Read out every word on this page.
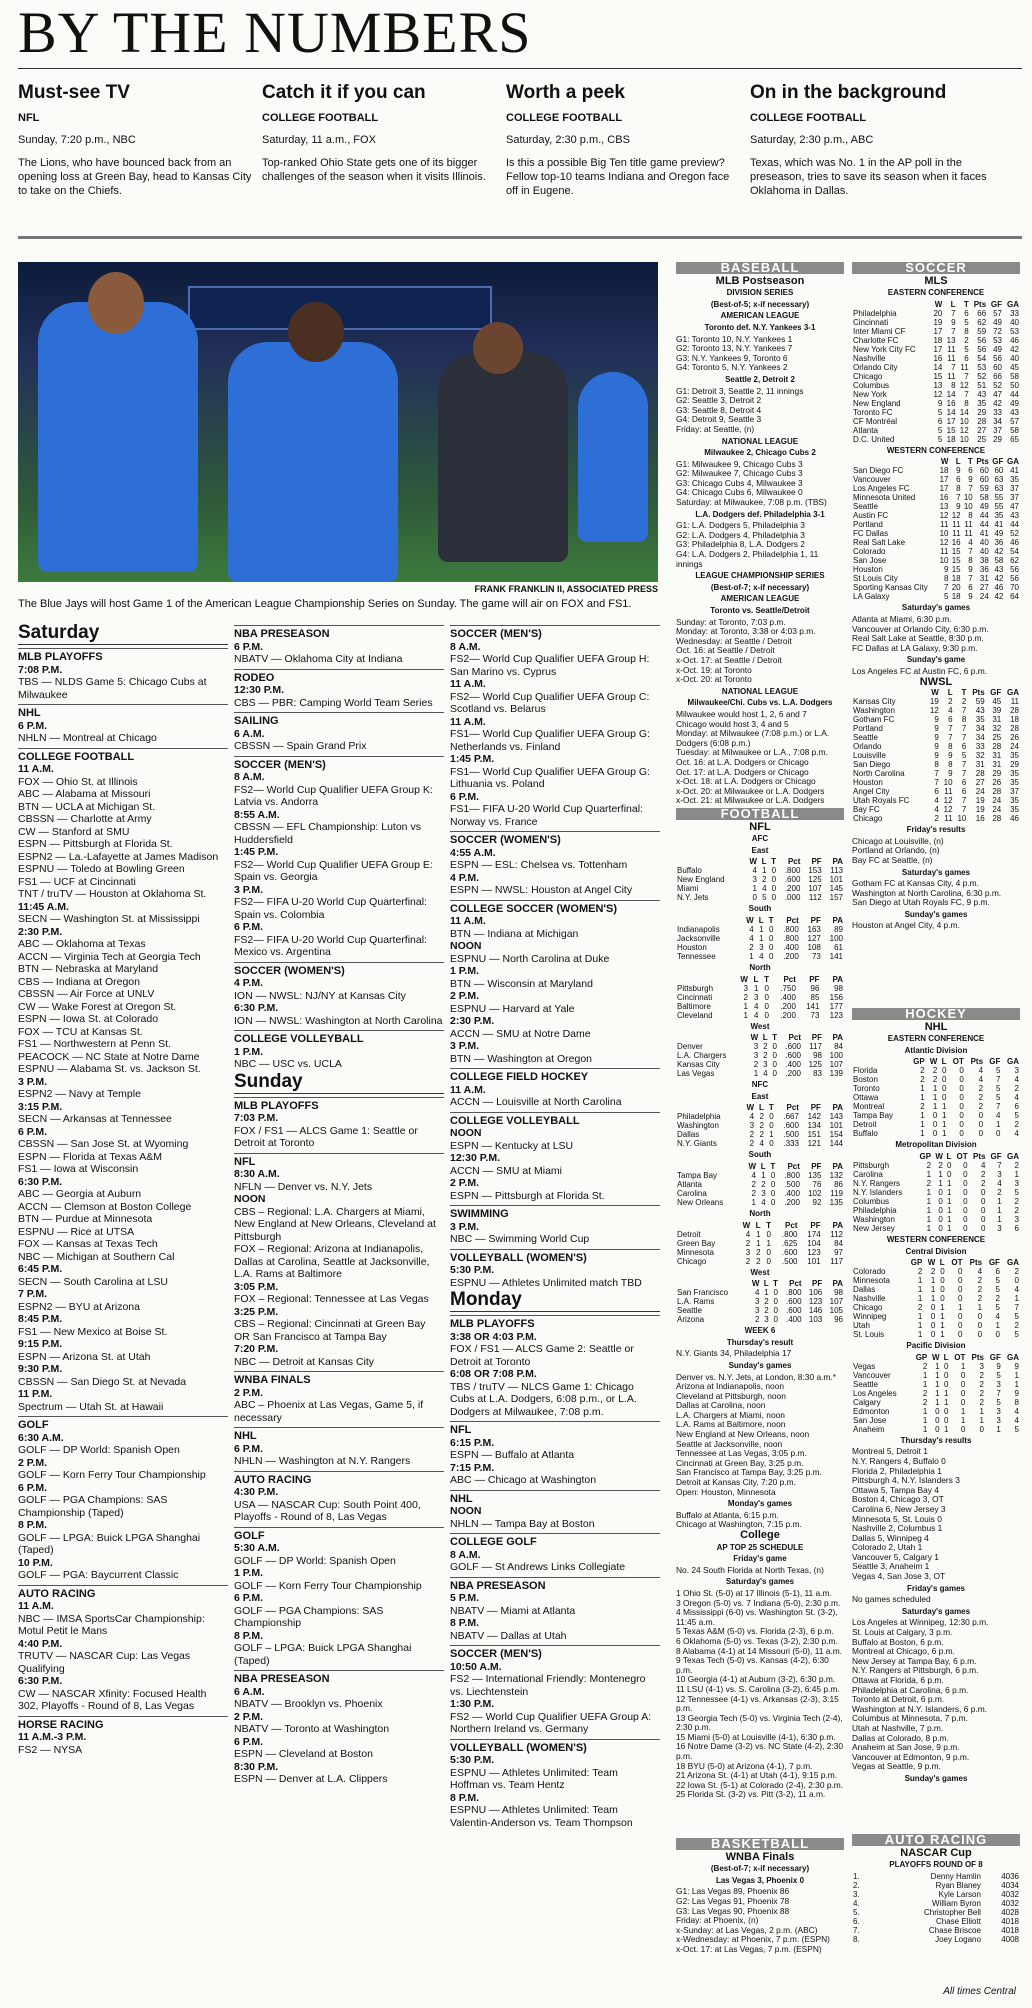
BY THE NUMBERS
Must-see TV
NFL
Sunday, 7:20 p.m., NBC
The Lions, who have bounced back from an opening loss at Green Bay, head to Kansas City to take on the Chiefs.
Catch it if you can
COLLEGE FOOTBALL
Saturday, 11 a.m., FOX
Top-ranked Ohio State gets one of its bigger challenges of the season when it visits Illinois.
Worth a peek
COLLEGE FOOTBALL
Saturday, 2:30 p.m., CBS
Is this a possible Big Ten title game preview? Fellow top-10 teams Indiana and Oregon face off in Eugene.
On in the background
COLLEGE FOOTBALL
Saturday, 2:30 p.m., ABC
Texas, which was No. 1 in the AP poll in the preseason, tries to save its season when it faces Oklahoma in Dallas.
FRANK FRANKLIN II, ASSOCIATED PRESS
The Blue Jays will host Game 1 of the American League Championship Series on Sunday. The game will air on FOX and FS1.
Saturday
MLB PLAYOFFS
7:08 P.M.
TBS — NLDS Game 5: Chicago Cubs at Milwaukee
NHL
6 P.M.
NHLN — Montreal at Chicago
COLLEGE FOOTBALL
11 A.M.
FOX — Ohio St. at Illinois
ABC — Alabama at Missouri
BTN — UCLA at Michigan St.
CBSSN — Charlotte at Army
CW — Stanford at SMU
ESPN — Pittsburgh at Florida St.
ESPN2 — La.-Lafayette at James Madison
ESPNU — Toledo at Bowling Green
FS1 — UCF at Cincinnati
TNT / truTV — Houston at Oklahoma St.
11:45 A.M.
SECN — Washington St. at Mississippi
2:30 P.M.
ABC — Oklahoma at Texas
ACCN — Virginia Tech at Georgia Tech
BTN — Nebraska at Maryland
CBS — Indiana at Oregon
CBSSN — Air Force at UNLV
CW — Wake Forest at Oregon St.
ESPN — Iowa St. at Colorado
FOX — TCU at Kansas St.
FS1 — Northwestern at Penn St.
PEACOCK — NC State at Notre Dame
ESPNU — Alabama St. vs. Jackson St.
3 P.M.
ESPN2 — Navy at Temple
3:15 P.M.
SECN — Arkansas at Tennessee
6 P.M.
CBSSN — San Jose St. at Wyoming
ESPN — Florida at Texas A&M
FS1 — Iowa at Wisconsin
6:30 P.M.
ABC — Georgia at Auburn
ACCN — Clemson at Boston College
BTN — Purdue at Minnesota
ESPNU — Rice at UTSA
FOX — Kansas at Texas Tech
NBC — Michigan at Southern Cal
6:45 P.M.
SECN — South Carolina at LSU
7 P.M.
ESPN2 — BYU at Arizona
8:45 P.M.
FS1 — New Mexico at Boise St.
9:15 P.M.
ESPN — Arizona St. at Utah
9:30 P.M.
CBSSN — San Diego St. at Nevada
11 P.M.
Spectrum — Utah St. at Hawaii
GOLF
6:30 A.M.
GOLF — DP World: Spanish Open
2 P.M.
GOLF — Korn Ferry Tour Championship
6 P.M.
GOLF — PGA Champions: SAS Championship (Taped)
8 P.M.
GOLF — LPGA: Buick LPGA Shanghai (Taped)
10 P.M.
GOLF — PGA: Baycurrent Classic
AUTO RACING
11 A.M.
NBC — IMSA SportsCar Championship: Motul Petit le Mans
4:40 P.M.
TRUTV — NASCAR Cup: Las Vegas Qualifying
6:30 P.M.
CW — NASCAR Xfinity: Focused Health 302, Playoffs - Round of 8, Las Vegas
HORSE RACING
11 A.M.-3 P.M.
FS2 — NYSA
NBA PRESEASON
6 P.M.
NBATV — Oklahoma City at Indiana
RODEO
12:30 P.M.
CBS — PBR: Camping World Team Series
SAILING
6 A.M.
CBSSN — Spain Grand Prix
SOCCER (MEN'S)
8 A.M.
FS2— World Cup Qualifier UEFA Group K: Latvia vs. Andorra
8:55 A.M.
CBSSN — EFL Championship: Luton vs Huddersfield
1:45 P.M.
FS2— World Cup Qualifier UEFA Group E: Spain vs. Georgia
3 P.M.
FS2— FIFA U-20 World Cup Quarterfinal: Spain vs. Colombia
6 P.M.
FS2— FIFA U-20 World Cup Quarterfinal: Mexico vs. Argentina
SOCCER (WOMEN'S)
4 P.M.
ION — NWSL: NJ/NY at Kansas City
6:30 P.M.
ION — NWSL: Washington at North Carolina
COLLEGE VOLLEYBALL
1 P.M.
NBC — USC vs. UCLA
Sunday
MLB PLAYOFFS
7:03 P.M.
FOX / FS1 — ALCS Game 1: Seattle or Detroit at Toronto
NFL
8:30 A.M.
NFLN — Denver vs. N.Y. Jets
NOON
CBS – Regional: L.A. Chargers at Miami, New England at New Orleans, Cleveland at Pittsburgh
FOX – Regional: Arizona at Indianapolis, Dallas at Carolina, Seattle at Jacksonville, L.A. Rams at Baltimore
3:05 P.M.
FOX – Regional: Tennessee at Las Vegas
3:25 P.M.
CBS – Regional: Cincinnati at Green Bay OR San Francisco at Tampa Bay
7:20 P.M.
NBC — Detroit at Kansas City
WNBA FINALS
2 P.M.
ABC – Phoenix at Las Vegas, Game 5, if necessary
NHL
6 P.M.
NHLN — Washington at N.Y. Rangers
AUTO RACING
4:30 P.M.
USA — NASCAR Cup: South Point 400, Playoffs - Round of 8, Las Vegas
GOLF
5:30 A.M.
GOLF — DP World: Spanish Open
1 P.M.
GOLF — Korn Ferry Tour Championship
6 P.M.
GOLF — PGA Champions: SAS Championship
8 P.M.
GOLF – LPGA: Buick LPGA Shanghai (Taped)
NBA PRESEASON
6 A.M.
NBATV — Brooklyn vs. Phoenix
2 P.M.
NBATV — Toronto at Washington
6 P.M.
ESPN — Cleveland at Boston
8:30 P.M.
ESPN — Denver at L.A. Clippers
SOCCER (MEN'S)
8 A.M.
FS2— World Cup Qualifier UEFA Group H: San Marino vs. Cyprus
11 A.M.
FS2— World Cup Qualifier UEFA Group C: Scotland vs. Belarus
11 A.M.
FS1— World Cup Qualifier UEFA Group G: Netherlands vs. Finland
1:45 P.M.
FS1— World Cup Qualifier UEFA Group G: Lithuania vs. Poland
6 P.M.
FS1— FIFA U-20 World Cup Quarterfinal: Norway vs. France
SOCCER (WOMEN'S)
4:55 A.M.
ESPN — ESL: Chelsea vs. Tottenham
4 P.M.
ESPN — NWSL: Houston at Angel City
COLLEGE SOCCER (WOMEN'S)
11 A.M.
BTN — Indiana at Michigan
NOON
ESPNU — North Carolina at Duke
1 P.M.
BTN — Wisconsin at Maryland
2 P.M.
ESPNU — Harvard at Yale
2:30 P.M.
ACCN — SMU at Notre Dame
3 P.M.
BTN — Washington at Oregon
COLLEGE FIELD HOCKEY
11 A.M.
ACCN — Louisville at North Carolina
COLLEGE VOLLEYBALL
NOON
ESPN — Kentucky at LSU
12:30 P.M.
ACCN — SMU at Miami
2 P.M.
ESPN — Pittsburgh at Florida St.
SWIMMING
3 P.M.
NBC — Swimming World Cup
VOLLEYBALL (WOMEN'S)
5:30 P.M.
ESPNU — Athletes Unlimited match TBD
Monday
MLB PLAYOFFS
3:38 OR 4:03 P.M.
FOX / FS1 — ALCS Game 2: Seattle or Detroit at Toronto
6:08 OR 7:08 P.M.
TBS / truTV — NLCS Game 1: Chicago Cubs at L.A. Dodgers, 6:08 p.m., or L.A. Dodgers at Milwaukee, 7:08 p.m.
NFL
6:15 P.M.
ESPN — Buffalo at Atlanta
7:15 P.M.
ABC — Chicago at Washington
NHL
NOON
NHLN — Tampa Bay at Boston
COLLEGE GOLF
8 A.M.
GOLF — St Andrews Links Collegiate
NBA PRESEASON
5 P.M.
NBATV — Miami at Atlanta
8 P.M.
NBATV — Dallas at Utah
SOCCER (MEN'S)
10:50 A.M.
FS2 — International Friendly: Montenegro vs. Liechtenstein
1:30 P.M.
FS2 — World Cup Qualifier UEFA Group A: Northern Ireland vs. Germany
VOLLEYBALL (WOMEN'S)
5:30 P.M.
ESPNU — Athletes Unlimited: Team Hoffman vs. Team Hentz
8 P.M.
ESPNU — Athletes Unlimited: Team Valentin-Anderson vs. Team Thompson
BASEBALL
MLB Postseason
DIVISION SERIES
(Best-of-5; x-if necessary)
AMERICAN LEAGUE
Toronto def. N.Y. Yankees 3-1
G1: Toronto 10, N.Y. Yankees 1
G2: Toronto 13, N.Y. Yankees 7
G3: N.Y. Yankees 9, Toronto 6
G4: Toronto 5, N.Y. Yankees 2
Seattle 2, Detroit 2
G1: Detroit 3, Seattle 2, 11 innings
G2: Seattle 3, Detroit 2
G3: Seattle 8, Detroit 4
G4: Detroit 9, Seattle 3
Friday: at Seattle, (n)
NATIONAL LEAGUE
Milwaukee 2, Chicago Cubs 2
G1: Milwaukee 9, Chicago Cubs 3
G2: Milwaukee 7, Chicago Cubs 3
G3: Chicago Cubs 4, Milwaukee 3
G4: Chicago Cubs 6, Milwaukee 0
Saturday: at Milwaukee, 7:08 p.m. (TBS)
L.A. Dodgers def. Philadelphia 3-1
G1: L.A. Dodgers 5, Philadelphia 3
G2: L.A. Dodgers 4, Philadelphia 3
G3: Philadelphia 8, L.A. Dodgers 2
G4: L.A. Dodgers 2, Philadelphia 1, 11 innings
LEAGUE CHAMPIONSHIP SERIES
(Best-of-7; x-if necessary)
AMERICAN LEAGUE
Toronto vs. Seattle/Detroit
Sunday: at Toronto, 7:03 p.m.
Monday: at Toronto, 3:38 or 4:03 p.m.
Wednesday: at Seattle / Detroit
Oct. 16: at Seattle / Detroit
x-Oct. 17: at Seattle / Detroit
x-Oct. 19: at Toronto
x-Oct. 20: at Toronto
NATIONAL LEAGUE
Milwaukee/Chi. Cubs vs. L.A. Dodgers
Milwaukee would host 1, 2, 6 and 7
Chicago would host 3, 4 and 5
Monday: at Milwaukee (7:08 p.m.) or L.A. Dodgers (6:08 p.m.)
Tuesday: at Milwaukee or L.A., 7:08 p.m.
Oct. 16: at L.A. Dodgers or Chicago
Oct. 17: at L.A. Dodgers or Chicago
x-Oct. 18: at L.A. Dodgers or Chicago
x-Oct. 20: at Milwaukee or L.A. Dodgers
x-Oct. 21: at Milwaukee or L.A. Dodgers
FOOTBALL
NFL
AFC
East
	W	L	T	Pct	PF	PA
Buffalo	4	1	0	.800	153	113
New England	3	2	0	.600	125	101
Miami	1	4	0	.200	107	145
N.Y. Jets	0	5	0	.000	112	157
South
	W	L	T	Pct	PF	PA
Indianapolis	4	1	0	.800	163	89
Jacksonville	4	1	0	.800	127	100
Houston	2	3	0	.400	108	61
Tennessee	1	4	0	.200	73	141
North
	W	L	T	Pct	PF	PA
Pittsburgh	3	1	0	.750	96	98
Cincinnati	2	3	0	.400	85	156
Baltimore	1	4	0	.200	141	177
Cleveland	1	4	0	.200	73	123
West
	W	L	T	Pct	PF	PA
Denver	3	2	0	.600	117	84
L.A. Chargers	3	2	0	.600	98	100
Kansas City	2	3	0	.400	125	107
Las Vegas	1	4	0	.200	83	139
NFC
East
	W	L	T	Pct	PF	PA
Philadelphia	4	2	0	.667	142	143
Washington	3	2	0	.600	134	101
Dallas	2	2	1	.500	151	154
N.Y. Giants	2	4	0	.333	121	144
South
	W	L	T	Pct	PF	PA
Tampa Bay	4	1	0	.800	135	132
Atlanta	2	2	0	.500	76	86
Carolina	2	3	0	.400	102	119
New Orleans	1	4	0	.200	92	135
North
	W	L	T	Pct	PF	PA
Detroit	4	1	0	.800	174	112
Green Bay	2	1	1	.625	104	84
Minnesota	3	2	0	.600	123	97
Chicago	2	2	0	.500	101	117
West
	W	L	T	Pct	PF	PA
San Francisco	4	1	0	.800	106	98
L.A. Rams	3	2	0	.600	123	107
Seattle	3	2	0	.600	146	105
Arizona	2	3	0	.400	103	96
WEEK 6
Thursday's result
N.Y. Giants 34, Philadelphia 17
Sunday's games
Denver vs. N.Y. Jets, at London, 8:30 a.m.*
Arizona at Indianapolis, noon
Cleveland at Pittsburgh, noon
Dallas at Carolina, noon
L.A. Chargers at Miami, noon
L.A. Rams at Baltimore, noon
New England at New Orleans, noon
Seattle at Jacksonville, noon
Tennessee at Las Vegas, 3:05 p.m.
Cincinnati at Green Bay, 3:25 p.m.
San Francisco at Tampa Bay, 3:25 p.m.
Detroit at Kansas City, 7:20 p.m.
Open: Houston, Minnesota
Monday's games
Buffalo at Atlanta, 6:15 p.m.
Chicago at Washington, 7:15 p.m.
College
AP TOP 25 SCHEDULE
Friday's game
No. 24 South Florida at North Texas, (n)
Saturday's games
1 Ohio St. (5-0) at 17 Illinois (5-1), 11 a.m.
3 Oregon (5-0) vs. 7 Indiana (5-0), 2:30 p.m.
4 Mississippi (6-0) vs. Washington St. (3-2), 11:45 a.m.
5 Texas A&M (5-0) vs. Florida (2-3), 6 p.m.
6 Oklahoma (5-0) vs. Texas (3-2), 2:30 p.m.
8 Alabama (4-1) at 14 Missouri (5-0), 11 a.m.
9 Texas Tech (5-0) vs. Kansas (4-2), 6:30 p.m.
10 Georgia (4-1) at Auburn (3-2), 6:30 p.m.
11 LSU (4-1) vs. S. Carolina (3-2), 6:45 p.m.
12 Tennessee (4-1) vs. Arkansas (2-3), 3:15 p.m.
13 Georgia Tech (5-0) vs. Virginia Tech (2-4), 2:30 p.m.
15 Miami (5-0) at Louisville (4-1), 6:30 p.m.
16 Notre Dame (3-2) vs. NC State (4-2), 2:30 p.m.
18 BYU (5-0) at Arizona (4-1), 7 p.m.
21 Arizona St. (4-1) at Utah (4-1), 9:15 p.m.
22 Iowa St. (5-1) at Colorado (2-4), 2:30 p.m.
25 Florida St. (3-2) vs. Pitt (3-2), 11 a.m.
BASKETBALL
WNBA Finals
(Best-of-7; x-if necessary)
Las Vegas 3, Phoenix 0
G1: Las Vegas 89, Phoenix 86
G2: Las Vegas 91, Phoenix 78
G3: Las Vegas 90, Phoenix 88
Friday: at Phoenix, (n)
x-Sunday: at Las Vegas, 2 p.m. (ABC)
x-Wednesday: at Phoenix, 7 p.m. (ESPN)
x-Oct. 17: at Las Vegas, 7 p.m. (ESPN)
SOCCER
MLS
EASTERN CONFERENCE
	W	L	T	Pts	GF	GA
Philadelphia	20	7	6	66	57	33
Cincinnati	19	9	5	62	49	40
Inter Miami CF	17	7	8	59	72	53
Charlotte FC	18	13	2	56	53	46
New York City FC	17	11	5	56	49	42
Nashville	16	11	6	54	56	40
Orlando City	14	7	11	53	60	45
Chicago	15	11	7	52	66	58
Columbus	13	8	12	51	52	50
New York	12	14	7	43	47	44
New England	9	16	8	35	42	49
Toronto FC	5	14	14	29	33	43
CF Montréal	6	17	10	28	34	57
Atlanta	5	15	12	27	37	58
D.C. United	5	18	10	25	29	65
WESTERN CONFERENCE
	W	L	T	Pts	GF	GA
San Diego FC	18	9	6	60	60	41
Vancouver	17	6	9	60	63	35
Los Angeles FC	17	8	7	59	63	37
Minnesota United	16	7	10	58	55	37
Seattle	13	9	10	49	55	47
Austin FC	12	12	8	44	35	43
Portland	11	11	11	44	41	44
FC Dallas	10	11	11	41	49	52
Real Salt Lake	12	16	4	40	36	46
Colorado	11	15	7	40	42	54
San Jose	10	15	8	38	58	62
Houston	9	15	9	36	43	56
St Louis City	8	18	7	31	42	56
Sporting Kansas City	7	20	6	27	46	70
LA Galaxy	5	18	9	24	42	64
Saturday's games
Atlanta at Miami, 6:30 p.m.
Vancouver at Orlando City, 6:30 p.m.
Real Salt Lake at Seattle, 8:30 p.m.
FC Dallas at LA Galaxy, 9:30 p.m.
Sunday's game
Los Angeles FC at Austin FC, 6 p.m.
NWSL
	W	L	T	Pts	GF	GA
Kansas City	19	2	2	59	45	11
Washington	12	4	7	43	39	28
Gotham FC	9	6	8	35	31	18
Portland	9	7	7	34	32	28
Seattle	9	7	7	34	25	26
Orlando	9	8	6	33	28	24
Louisville	9	9	5	32	31	35
San Diego	8	8	7	31	31	29
North Carolina	7	9	7	28	29	35
Houston	7	10	6	27	26	35
Angel City	6	11	6	24	28	37
Utah Royals FC	4	12	7	19	24	35
Bay FC	4	12	7	19	24	35
Chicago	2	11	10	16	28	46
Friday's results
Chicago at Louisville, (n)
Portland at Orlando, (n)
Bay FC at Seattle, (n)
Saturday's games
Gotham FC at Kansas City, 4 p.m.
Washington at North Carolina, 6:30 p.m.
San Diego at Utah Royals FC, 9 p.m.
Sunday's games
Houston at Angel City, 4 p.m.
HOCKEY
NHL
EASTERN CONFERENCE
Atlantic Division
	GP	W	L	OT	Pts	GF	GA
Florida	2	2	0	0	4	5	3
Boston	2	2	0	0	4	7	4
Toronto	1	1	0	0	2	5	2
Ottawa	1	1	0	0	2	5	4
Montreal	2	1	1	0	2	7	6
Tampa Bay	1	0	1	0	0	4	5
Detroit	1	0	1	0	0	1	2
Buffalo	1	0	1	0	0	0	4
Metropolitan Division
	GP	W	L	OT	Pts	GF	GA
Pittsburgh	2	2	0	0	4	7	2
Carolina	1	1	0	0	2	3	1
N.Y. Rangers	2	1	1	0	2	4	3
N.Y. Islanders	1	0	1	0	0	2	5
Columbus	1	0	1	0	0	1	2
Philadelphia	1	0	1	0	0	1	2
Washington	1	0	1	0	0	1	3
New Jersey	1	0	1	0	0	3	6
WESTERN CONFERENCE
Central Division
	GP	W	L	OT	Pts	GF	GA
Colorado	2	2	0	0	4	6	2
Minnesota	1	1	0	0	2	5	0
Dallas	1	1	0	0	2	5	4
Nashville	1	1	0	0	2	2	1
Chicago	2	0	1	1	1	5	7
Winnipeg	1	0	1	0	0	4	5
Utah	1	0	1	0	0	1	2
St. Louis	1	0	1	0	0	0	5
Pacific Division
	GP	W	L	OT	Pts	GF	GA
Vegas	2	1	0	1	3	9	9
Vancouver	1	1	0	0	2	5	1
Seattle	1	1	0	0	2	3	1
Los Angeles	2	1	1	0	2	7	9
Calgary	2	1	1	0	2	5	8
Edmonton	1	0	0	1	1	3	4
San Jose	1	0	0	1	1	3	4
Anaheim	1	0	1	0	0	1	5
Thursday's results
Montreal 5, Detroit 1
N.Y. Rangers 4, Buffalo 0
Florida 2, Philadelphia 1
Pittsburgh 4, N.Y. Islanders 3
Ottawa 5, Tampa Bay 4
Boston 4, Chicago 3, OT
Carolina 6, New Jersey 3
Minnesota 5, St. Louis 0
Nashville 2, Columbus 1
Dallas 5, Winnipeg 4
Colorado 2, Utah 1
Vancouver 5, Calgary 1
Seattle 3, Anaheim 1
Vegas 4, San Jose 3, OT
Friday's games
No games scheduled
Saturday's games
Los Angeles at Winnipeg, 12:30 p.m.
St. Louis at Calgary, 3 p.m.
Buffalo at Boston, 6 p.m.
Montreal at Chicago, 6 p.m.
New Jersey at Tampa Bay, 6 p.m.
N.Y. Rangers at Pittsburgh, 6 p.m.
Ottawa at Florida, 6 p.m.
Philadelphia at Carolina, 6 p.m.
Toronto at Detroit, 6 p.m.
Washington at N.Y. Islanders, 6 p.m.
Columbus at Minnesota, 7 p.m.
Utah at Nashville, 7 p.m.
Dallas at Colorado, 8 p.m.
Anaheim at San Jose, 9 p.m.
Vancouver at Edmonton, 9 p.m.
Vegas at Seattle, 9 p.m.
Sunday's games
AUTO RACING
NASCAR Cup
PLAYOFFS ROUND OF 8
1.	Denny Hamlin	4036
2.	Ryan Blaney	4034
3.	Kyle Larson	4032
4.	William Byron	4032
5.	Christopher Bell	4028
6.	Chase Elliott	4018
7.	Chase Briscoe	4018
8.	Joey Logano	4008
All times Central
